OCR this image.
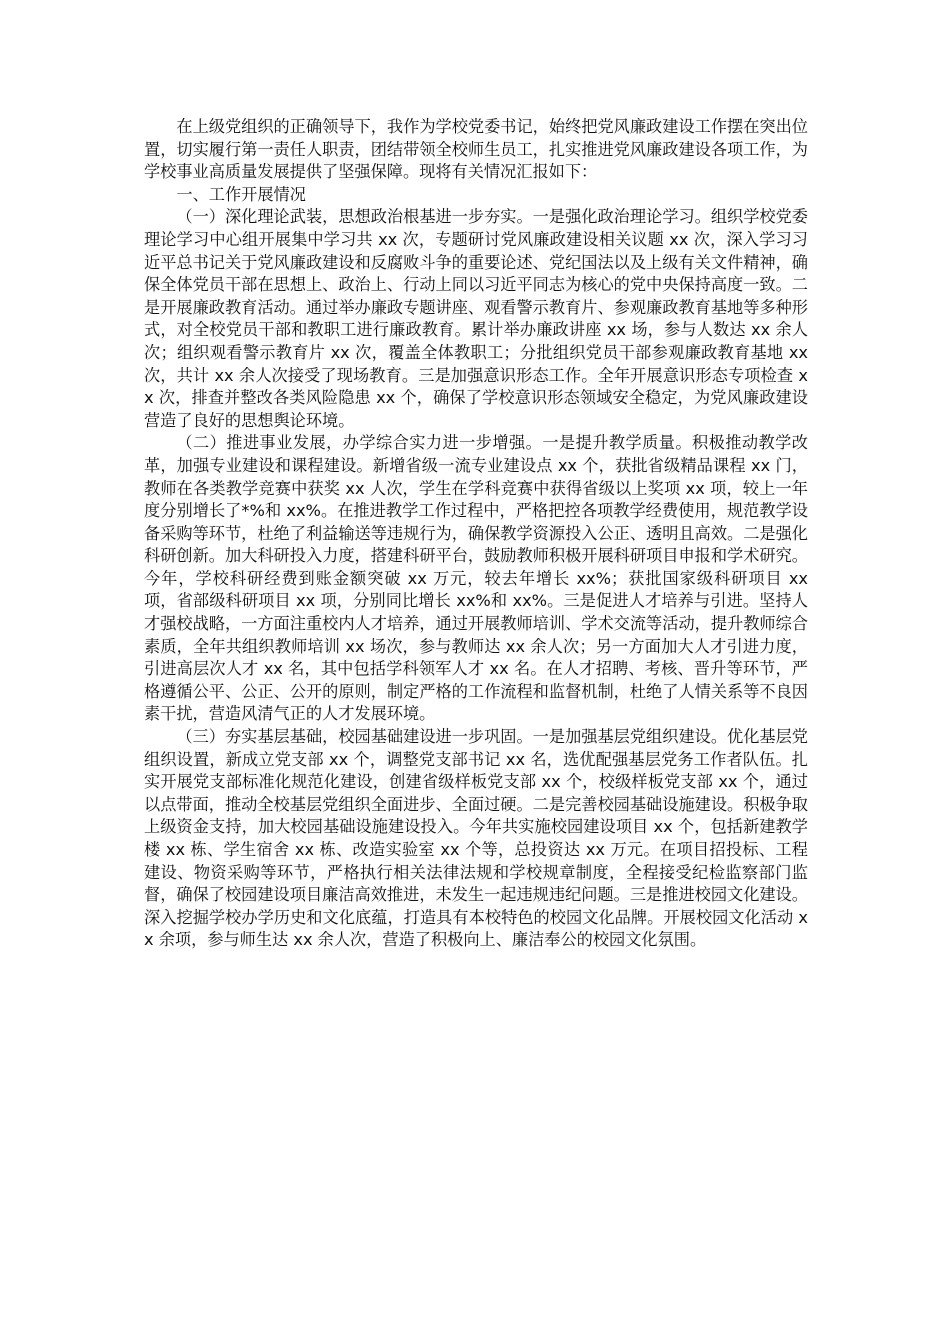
在上级党组织的正确领导下，我作为学校党委书记，始终把党风廉政建设工作摆在突出位置，切实履行第一责任人职责，团结带领全校师生员工，扎实推进党风廉政建设各项工作，为学校事业高质量发展提供了坚强保障。现将有关情况汇报如下：

一、工作开展情况

（一）深化理论武装，思想政治根基进一步夯实。一是强化政治理论学习。组织学校党委理论学习中心组开展集中学习共 xx 次，专题研讨党风廉政建设相关议题 xx 次，深入学习习近平总书记关于党风廉政建设和反腐败斗争的重要论述、党纪国法以及上级有关文件精神，确保全体党员干部在思想上、政治上、行动上同以习近平同志为核心的党中央保持高度一致。二是开展廉政教育活动。通过举办廉政专题讲座、观看警示教育片、参观廉政教育基地等多种形式，对全校党员干部和教职工进行廉政教育。累计举办廉政讲座 xx 场，参与人数达 xx 余人次；组织观看警示教育片 xx 次，覆盖全体教职工；分批组织党员干部参观廉政教育基地 xx 次，共计 xx 余人次接受了现场教育。三是加强意识形态工作。全年开展意识形态专项检查 xx 次，排查并整改各类风险隐患 xx 个，确保了学校意识形态领域安全稳定，为党风廉政建设营造了良好的思想舆论环境。

（二）推进事业发展，办学综合实力进一步增强。一是提升教学质量。积极推动教学改革，加强专业建设和课程建设。新增省级一流专业建设点 xx 个，获批省级精品课程 xx 门，教师在各类教学竞赛中获奖 xx 人次，学生在学科竞赛中获得省级以上奖项 xx 项，较上一年度分别增长了*%和 xx%。在推进教学工作过程中，严格把控各项教学经费使用，规范教学设备采购等环节，杜绝了利益输送等违规行为，确保教学资源投入公正、透明且高效。二是强化科研创新。加大科研投入力度，搭建科研平台，鼓励教师积极开展科研项目申报和学术研究。今年，学校科研经费到账金额突破 xx 万元，较去年增长 xx%；获批国家级科研项目 xx 项，省部级科研项目 xx 项，分别同比增长 xx%和 xx%。三是促进人才培养与引进。坚持人才强校战略，一方面注重校内人才培养，通过开展教师培训、学术交流等活动，提升教师综合素质，全年共组织教师培训 xx 场次，参与教师达 xx 余人次；另一方面加大人才引进力度，引进高层次人才 xx 名，其中包括学科领军人才 xx 名。在人才招聘、考核、晋升等环节，严格遵循公平、公正、公开的原则，制定严格的工作流程和监督机制，杜绝了人情关系等不良因素干扰，营造风清气正的人才发展环境。

（三）夯实基层基础，校园基础建设进一步巩固。一是加强基层党组织建设。优化基层党组织设置，新成立党支部 xx 个，调整党支部书记 xx 名，选优配强基层党务工作者队伍。扎实开展党支部标准化规范化建设，创建省级样板党支部 xx 个，校级样板党支部 xx 个，通过以点带面，推动全校基层党组织全面进步、全面过硬。二是完善校园基础设施建设。积极争取上级资金支持，加大校园基础设施建设投入。今年共实施校园建设项目 xx 个，包括新建教学楼 xx 栋、学生宿舍 xx 栋、改造实验室 xx 个等，总投资达 xx 万元。在项目招投标、工程建设、物资采购等环节，严格执行相关法律法规和学校规章制度，全程接受纪检监察部门监督，确保了校园建设项目廉洁高效推进，未发生一起违规违纪问题。三是推进校园文化建设。深入挖掘学校办学历史和文化底蕴，打造具有本校特色的校园文化品牌。开展校园文化活动 xx 余项，参与师生达 xx 余人次，营造了积极向上、廉洁奉公的校园文化氛围。
